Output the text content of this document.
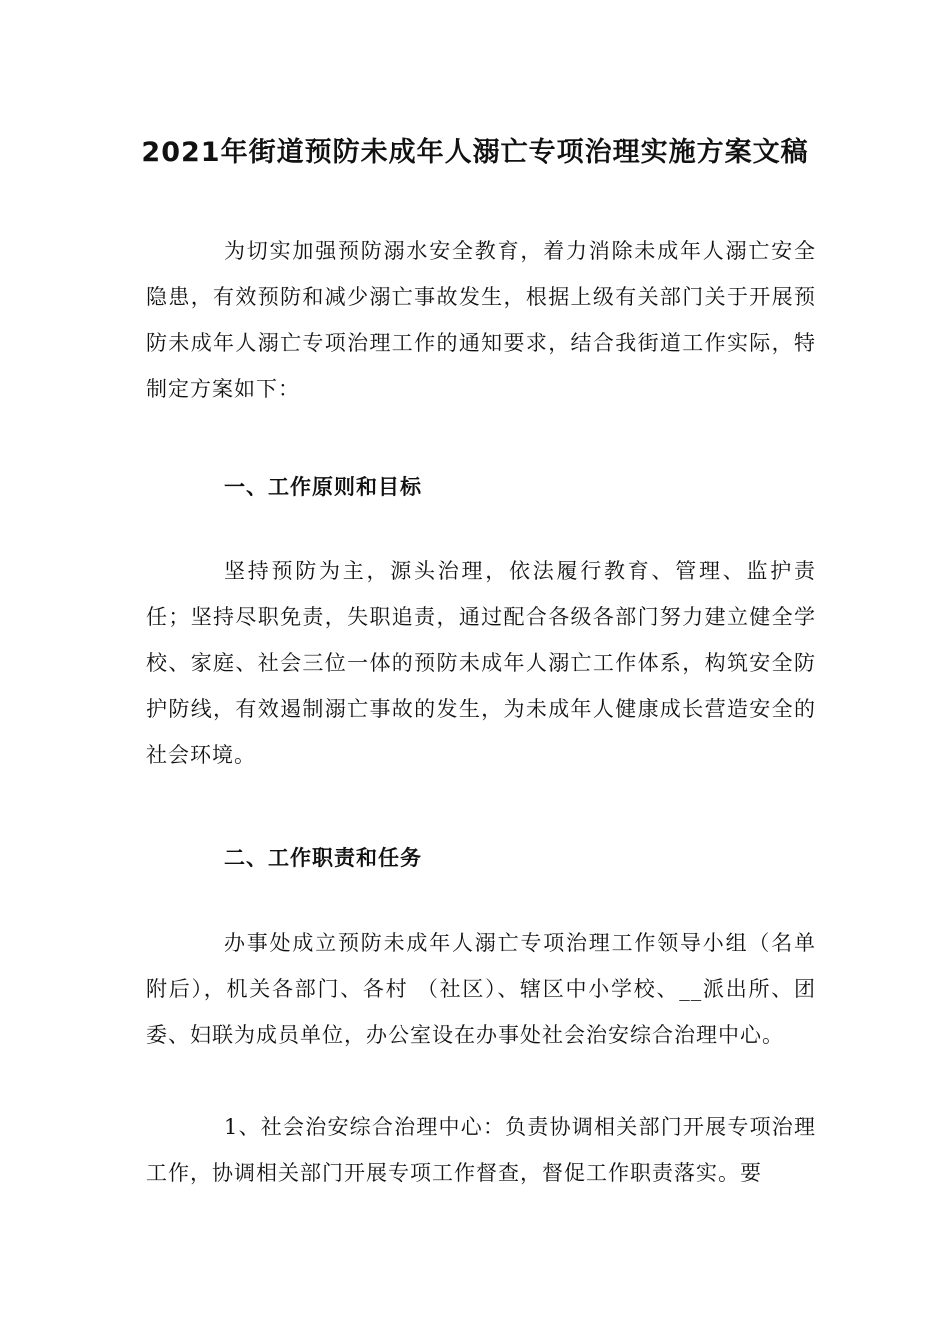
2021年街道预防未成年人溺亡专项治理实施方案文稿

为切实加强预防溺水安全教育，着力消除未成年人溺亡安全隐患，有效预防和减少溺亡事故发生，根据上级有关部门关于开展预防未成年人溺亡专项治理工作的通知要求，结合我街道工作实际，特制定方案如下：

一、工作原则和目标

坚持预防为主，源头治理，依法履行教育、管理、监护责任；坚持尽职免责，失职追责，通过配合各级各部门努力建立健全学校、家庭、社会三位一体的预防未成年人溺亡工作体系，构筑安全防护防线，有效遏制溺亡事故的发生，为未成年人健康成长营造安全的社会环境。

二、工作职责和任务

办事处成立预防未成年人溺亡专项治理工作领导小组（名单附后），机关各部门、各村 （社区）、辖区中小学校、__派出所、团委、妇联为成员单位，办公室设在办事处社会治安综合治理中心。

1、社会治安综合治理中心：负责协调相关部门开展专项治理工作，协调相关部门开展专项工作督查，督促工作职责落实。要
